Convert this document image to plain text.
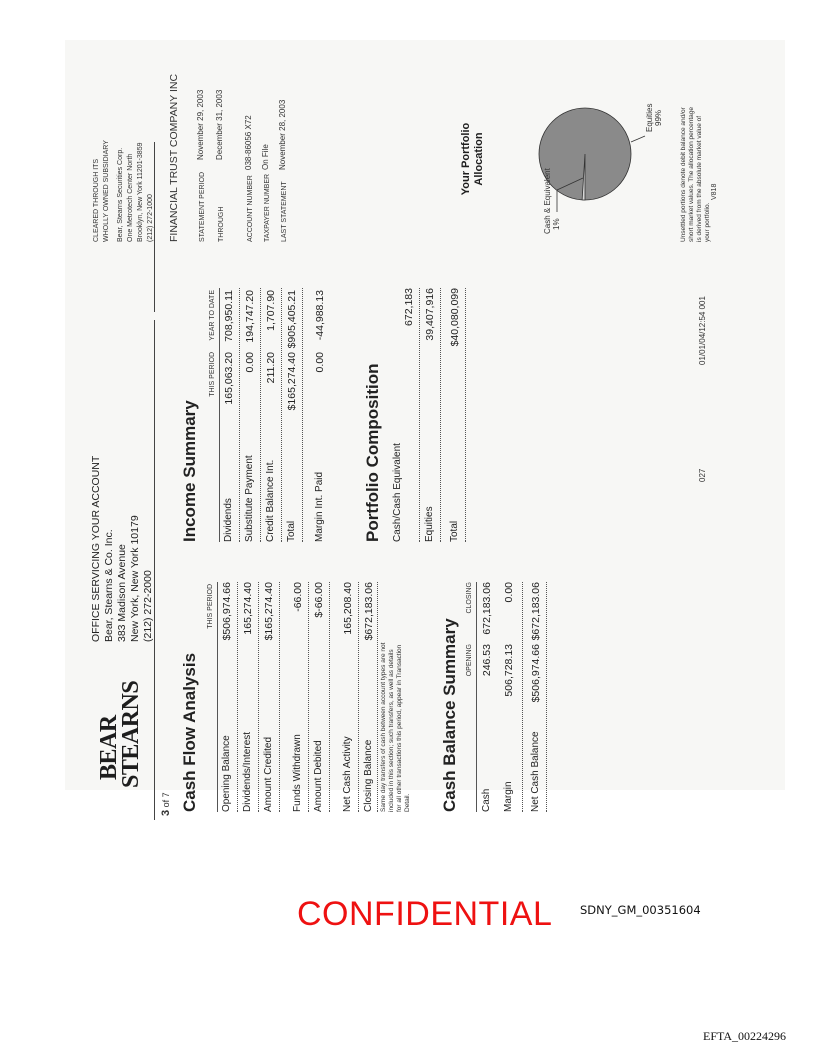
BEAR
STEARNS
OFFICE SERVICING YOUR ACCOUNT Bear, Stearns & Co. Inc. 383 Madison Avenue New York, New York 10179 (212) 272-2000
3 of 7 Cash Flow Analysis
THIS PERIOD
Opening Balance
$506,974.66
Dividends/Interest
165,274.40
Amount Credited
$165,274.40
Funds Withdrawn
-66.00
Amount Debited
$-66.00
Net Cash Activity
165,208.40
Closing Balance
$672,183.06
Same day transfers of cash between account types are not included in this section; such transfers, as well as details for all other transactions this period, appear in Transaction Detail. Cash Balance Summary OPENING
CLOSING
Cash
246.53
672,183.06
Margin
506,728.13
0.00
Net Cash Balance
$506,974.66
$672,183.06
Income Summary
THIS PERIOD
YEAR TO DATE
Dividends
165,063.20
708,950.11
Substitute Payment
0.00
194,747.20
Credit Balance Int.
211.20
1,707.90
Total
$165,274.40
$905,405.21
Margin Int. Paid
0.00
-44,988.13
Portfolio Composition Cash/Cash Equivalent
672,183
Equities
39,407,916
Total
$40,080,099
027
01/01/04/12:54 001
CLEARED THROUGH ITS WHOLLY OWNED SUBSIDIARY Bear, Stearns Securities Corp. One Metrotech Center North Brooklyn, New York 11201-3859 (212) 272-1000 FINANCIAL TRUST COMPANY INC	STATEMENT PERIOD
November 29, 2003
THROUGH
December 31, 2003
ACCOUNT NUMBER
038-86056 X72
TAXPAYER NUMBER
On File
LAST STATEMENT
November 28, 2003	Your Portfolio Allocation
Cash & Equivalent 1%
Equities 99%	Unsettled portions denote debit balance and/or short market values. The allocation percentage is derived from the absolute market value of your portfolio.
V818
CONFIDENTIAL SDNY_GM_00351604
EFTA_00224296
